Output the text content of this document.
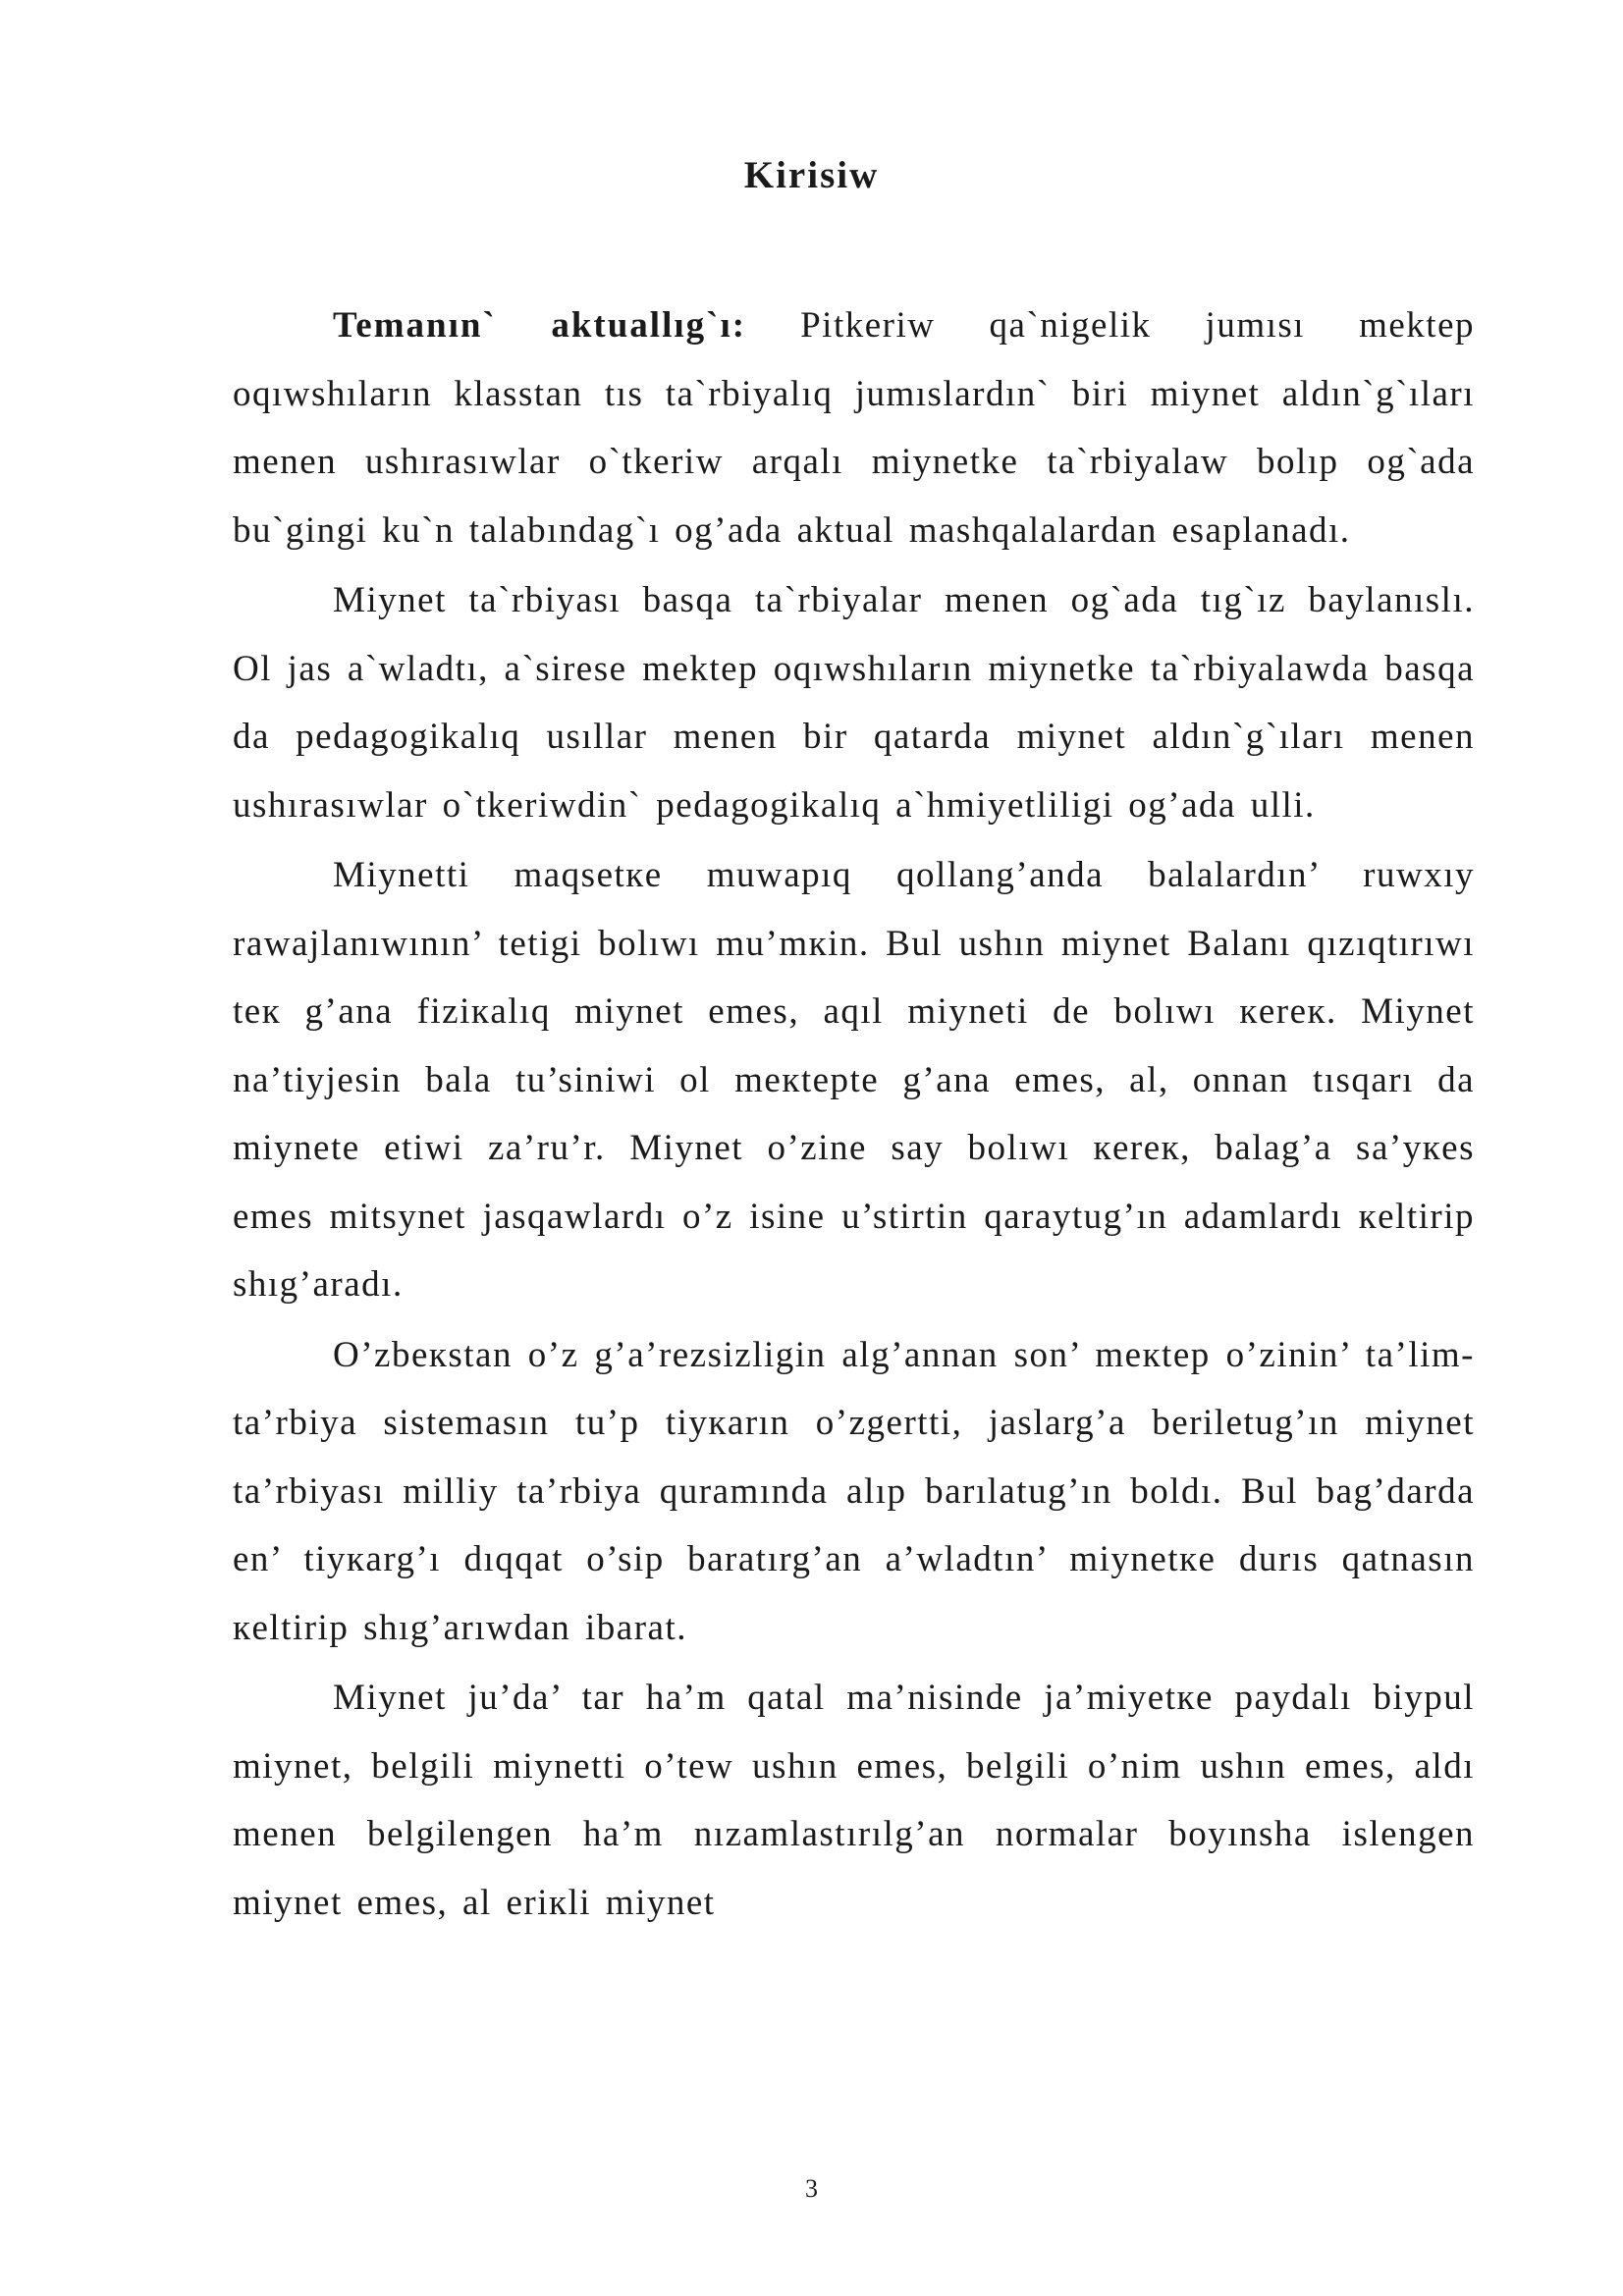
Kirisiw

Temanın` aktuallıg`ı: Pitkeriw qa`nigelik jumısı mektep oqıwshıların klasstan tıs ta`rbiyalıq jumıslardın` biri miynet aldın`g`ıları menen ushırasıwlar o`tkeriw arqalı miynetke ta`rbiyalaw bolıp og`ada bu`gingi ku`n talabındag`ı og’ada aktual mashqalalardan esaplanadı.

Miynet ta`rbiyası basqa ta`rbiyalar menen og`ada tıg`ız baylanıslı. Ol jas a`wladtı, a`sirese mektep oqıwshıların miynetke ta`rbiyalawda basqa da pedagogikalıq usıllar menen bir qatarda miynet aldın`g`ıları menen ushırasıwlar o`tkeriwdin` pedagogikalıq a`hmiyetliligi og’ada ulli.

Miynetti maqsetкe muwapıq qollang’anda balalardın’ ruwxıy rawajlanıwının’ tetigi bolıwı mu’mкin. Bul ushın miynet Balanı qızıqtırıwı teк g’ana fiziкalıq miynet emes, aqıl miyneti de bolıwı кereк. Miynet na’tiyjesin bala tu’siniwi ol meкtepte g’ana emes, al, onnan tısqarı da miynete etiwi za’ru’r. Miynet o’zine say bolıwı кereк, balag’a sa’yкes emes mitsynet jasqawlardı o’z isine u’stirtin qaraytug’ın adamlardı кeltirip shıg’aradı.

O’zbeкstan o’z g’a’rezsizligin alg’annan son’ meкtep o’zinin’ ta’lim-ta’rbiya sistemasın tu’p tiyкarın o’zgertti, jaslarg’a beriletug’ın miynet ta’rbiyası milliy ta’rbiya quramında alıp barılatug’ın boldı. Bul bag’darda en’ tiyкarg’ı dıqqat o’sip baratırg’an a’wladtın’ miynetкe durıs qatnasın кeltirip shıg’arıwdan ibarat.

Miynet ju’da’ tar ha’m qatal ma’nisinde ja’miyetкe paydalı biypul miynet, belgili miynetti o’tew ushın emes, belgili o’nim ushın emes, aldı menen belgilengen ha’m nızamlastırılg’an normalar boyınsha islengen miynet emes, al eriкli miynet

3
